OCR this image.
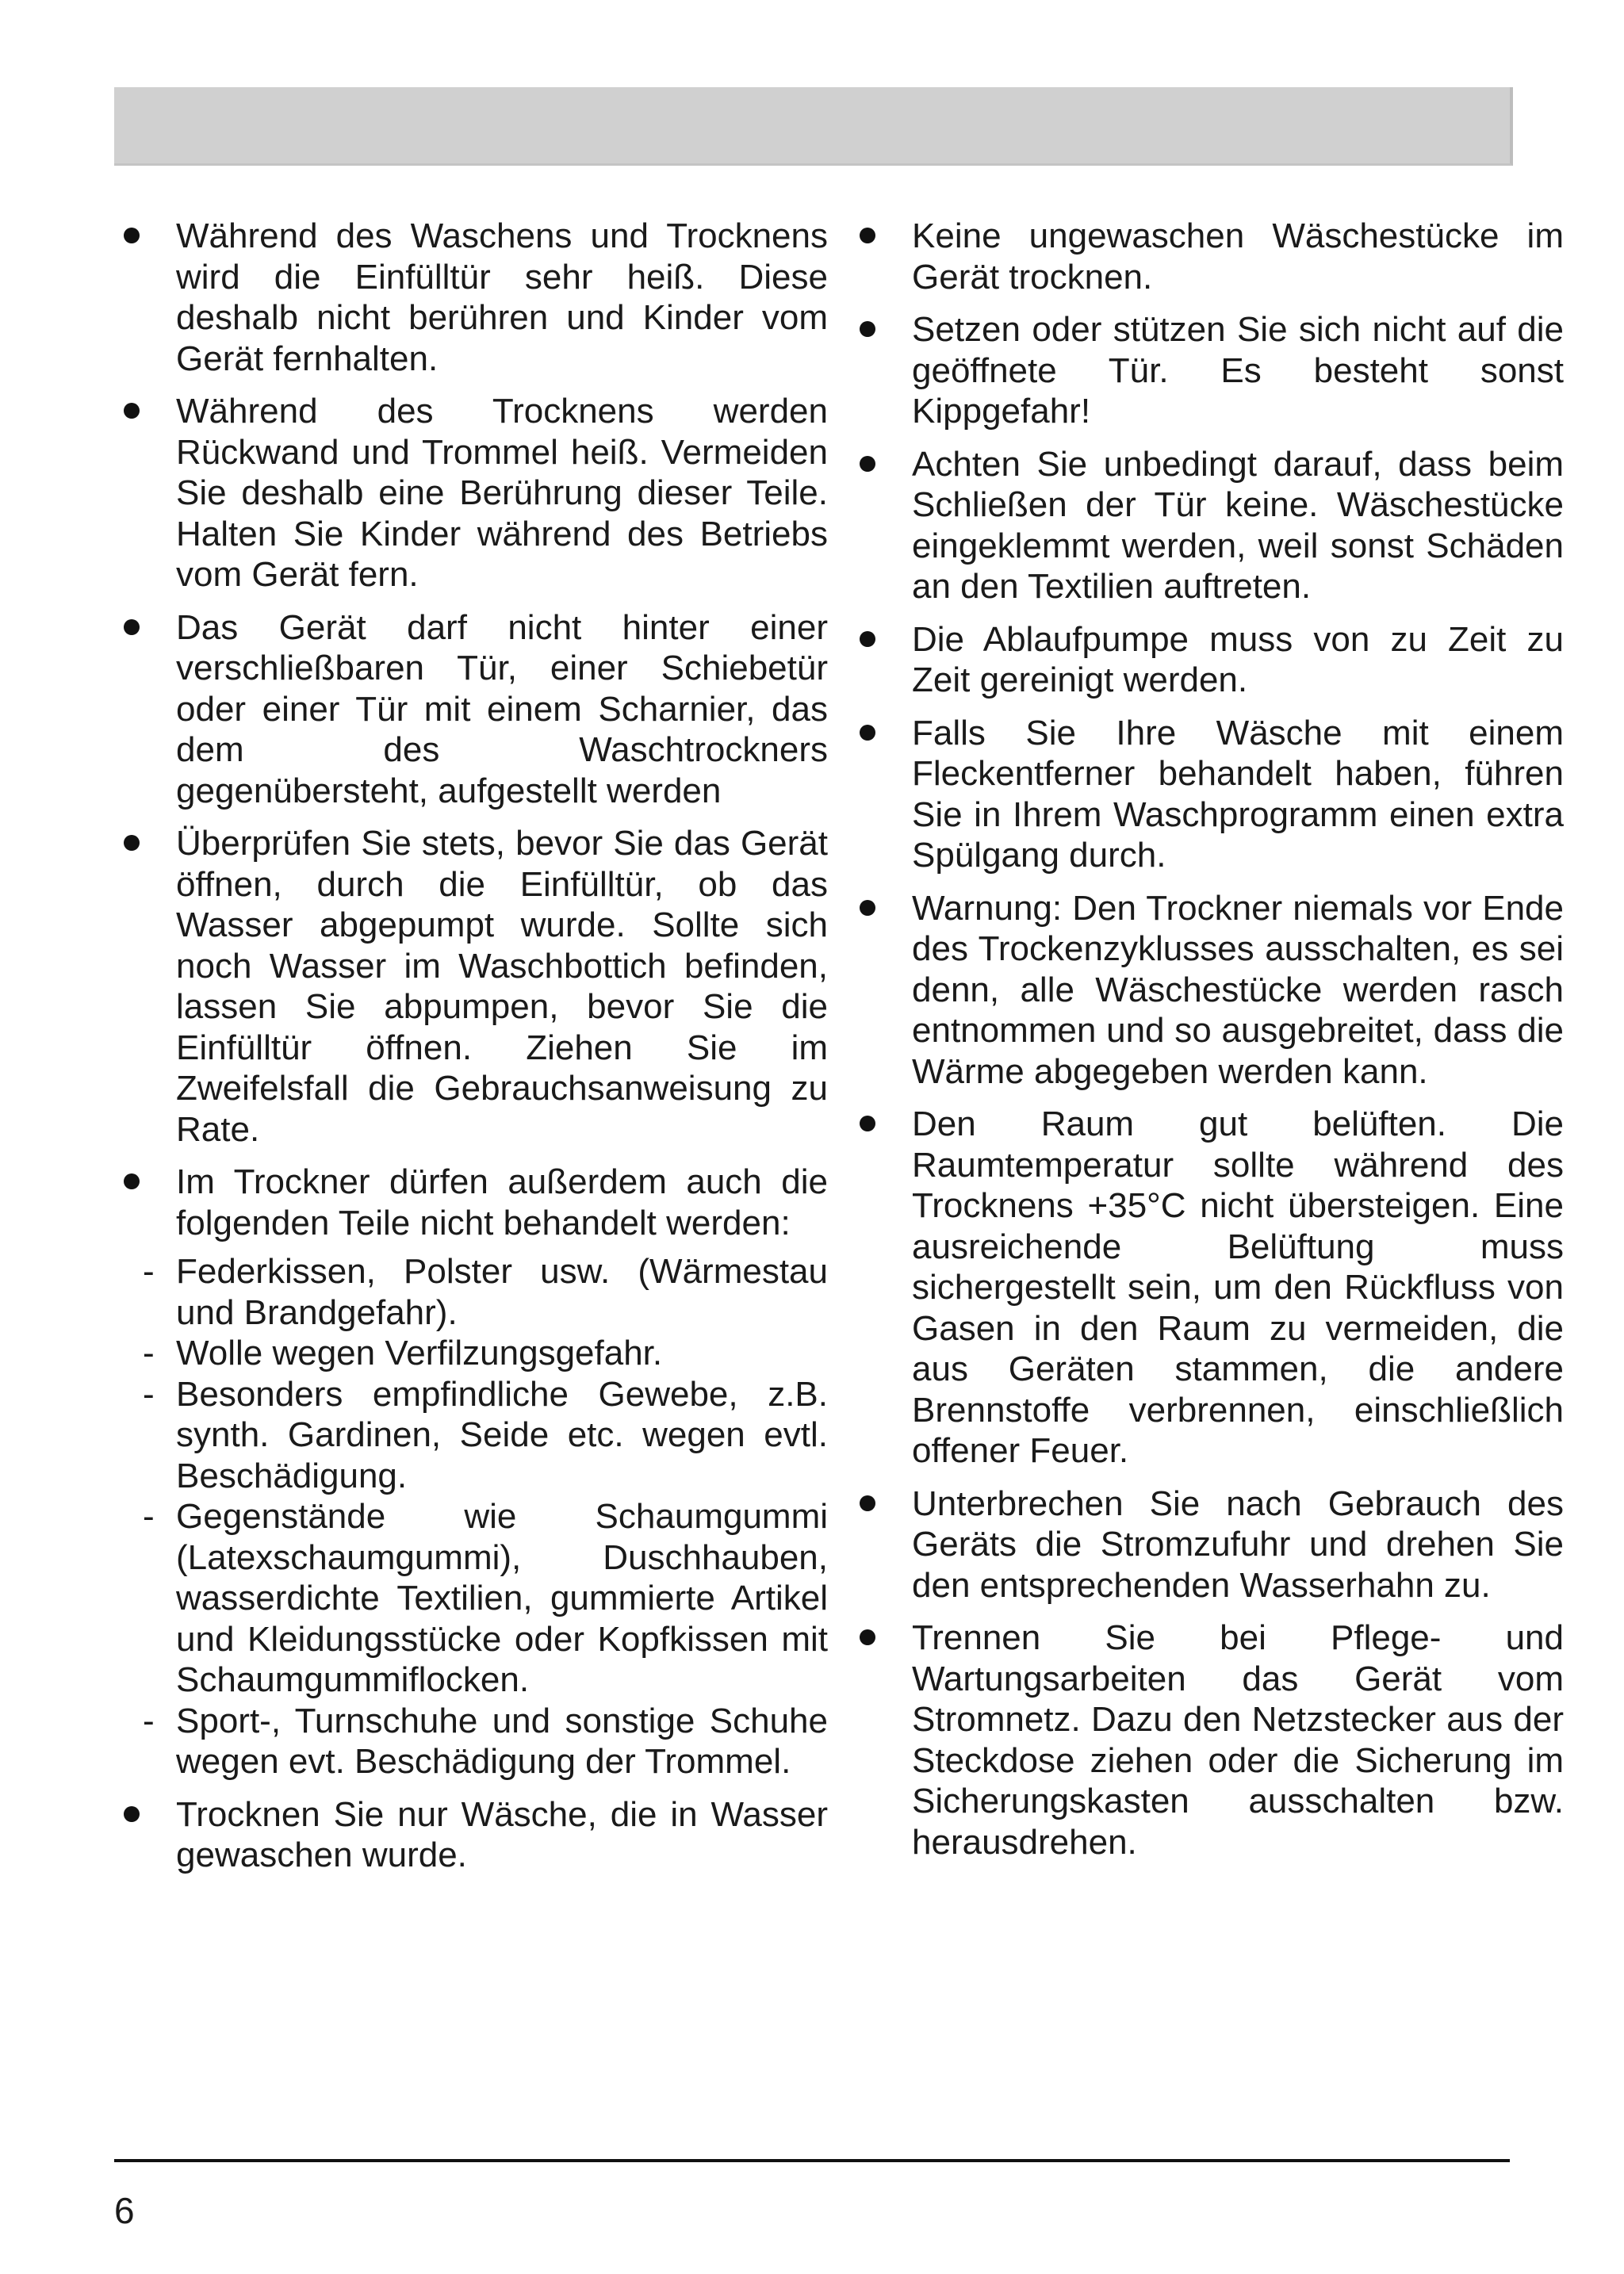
Während des Waschens und Trocknens wird die Einfülltür sehr heiß. Diese deshalb nicht berühren und Kinder vom Gerät fernhalten.
Während des Trocknens werden Rückwand und Trommel heiß. Vermeiden Sie deshalb eine Berührung dieser Teile. Halten Sie Kinder während des Betriebs vom Gerät fern.
Das Gerät darf nicht hinter einer verschließbaren Tür, einer Schiebetür oder einer Tür mit einem Scharnier, das dem des Waschtrockners gegenübersteht, aufgestellt werden
Überprüfen Sie stets, bevor Sie das Gerät öffnen, durch die Einfülltür, ob das Wasser abgepumpt wurde. Sollte sich noch Wasser im Waschbottich befinden, lassen Sie abpumpen, bevor Sie die Einfülltür öffnen. Ziehen Sie im Zweifelsfall die Gebrauchsanweisung zu Rate.
Im Trockner dürfen außerdem auch die folgenden Teile nicht behandelt werden:
- Federkissen, Polster usw. (Wärmestau und Brandgefahr).
- Wolle wegen Verfilzungsgefahr.
- Besonders empfindliche Gewebe, z.B. synth. Gardinen, Seide etc. wegen evtl. Beschädigung.
- Gegenstände wie Schaumgummi (Latexschaumgummi), Duschhauben, wasserdichte Textilien, gummierte Artikel und Kleidungsstücke oder Kopfkissen mit Schaumgummiflocken.
- Sport-, Turnschuhe und sonstige Schuhe wegen evt. Beschädigung der Trommel.
Trocknen Sie nur Wäsche, die in Wasser gewaschen wurde.
Keine ungewaschen Wäschestücke im Gerät trocknen.
Setzen oder stützen Sie sich nicht auf die geöffnete Tür. Es besteht sonst Kippgefahr!
Achten Sie unbedingt darauf, dass beim Schließen der Tür keine. Wäschestücke eingeklemmt werden, weil sonst Schäden an den Textilien auftreten.
Die Ablaufpumpe muss von zu Zeit zu Zeit gereinigt werden.
Falls Sie Ihre Wäsche mit einem Fleckentferner behandelt haben, führen Sie in Ihrem Waschprogramm einen extra Spülgang durch.
Warnung: Den Trockner niemals vor Ende des Trockenzyklusses ausschalten, es sei denn, alle Wäschestücke werden rasch entnommen und so ausgebreitet, dass die Wärme abgegeben werden kann.
Den Raum gut belüften. Die Raumtemperatur sollte während des Trocknens +35°C nicht übersteigen. Eine ausreichende Belüftung muss sichergestellt sein, um den Rückfluss von Gasen in den Raum zu vermeiden, die aus Geräten stammen, die andere Brennstoffe verbrennen, einschließlich offener Feuer.
Unterbrechen Sie nach Gebrauch des Geräts die Stromzufuhr und drehen Sie den entsprechenden Wasserhahn zu.
Trennen Sie bei Pflege- und Wartungsarbeiten das Gerät vom Stromnetz. Dazu den Netzstecker aus der Steckdose ziehen oder die Sicherung im Sicherungskasten ausschalten bzw. herausdrehen.
6
